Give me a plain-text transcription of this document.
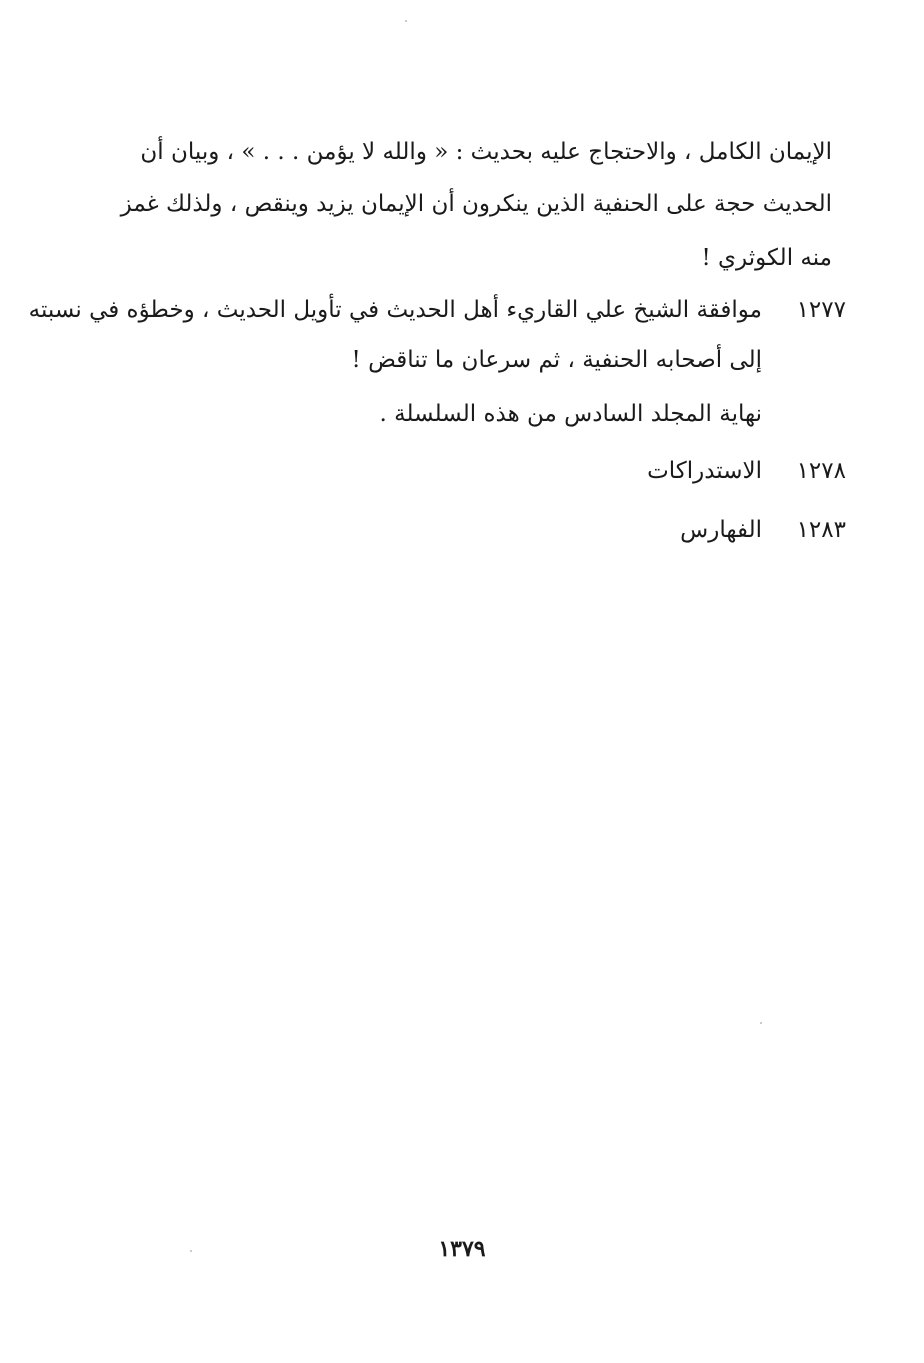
الإيمان الكامل ، والاحتجاج عليه بحديث : « والله لا يؤمن . . . » ، وبيان أن
الحديث حجة على الحنفية الذين ينكرون أن الإيمان يزيد وينقص ، ولذلك غمز
منه الكوثري !
١٢٧٧
موافقة الشيخ علي القاريء أهل الحديث في تأويل الحديث ، وخطؤه في نسبته
إلى أصحابه الحنفية ، ثم سرعان ما تناقض !
نهاية المجلد السادس من هذه السلسلة .
١٢٧٨
الاستدراكات
١٢٨٣
الفهارس
١٣٧٩
